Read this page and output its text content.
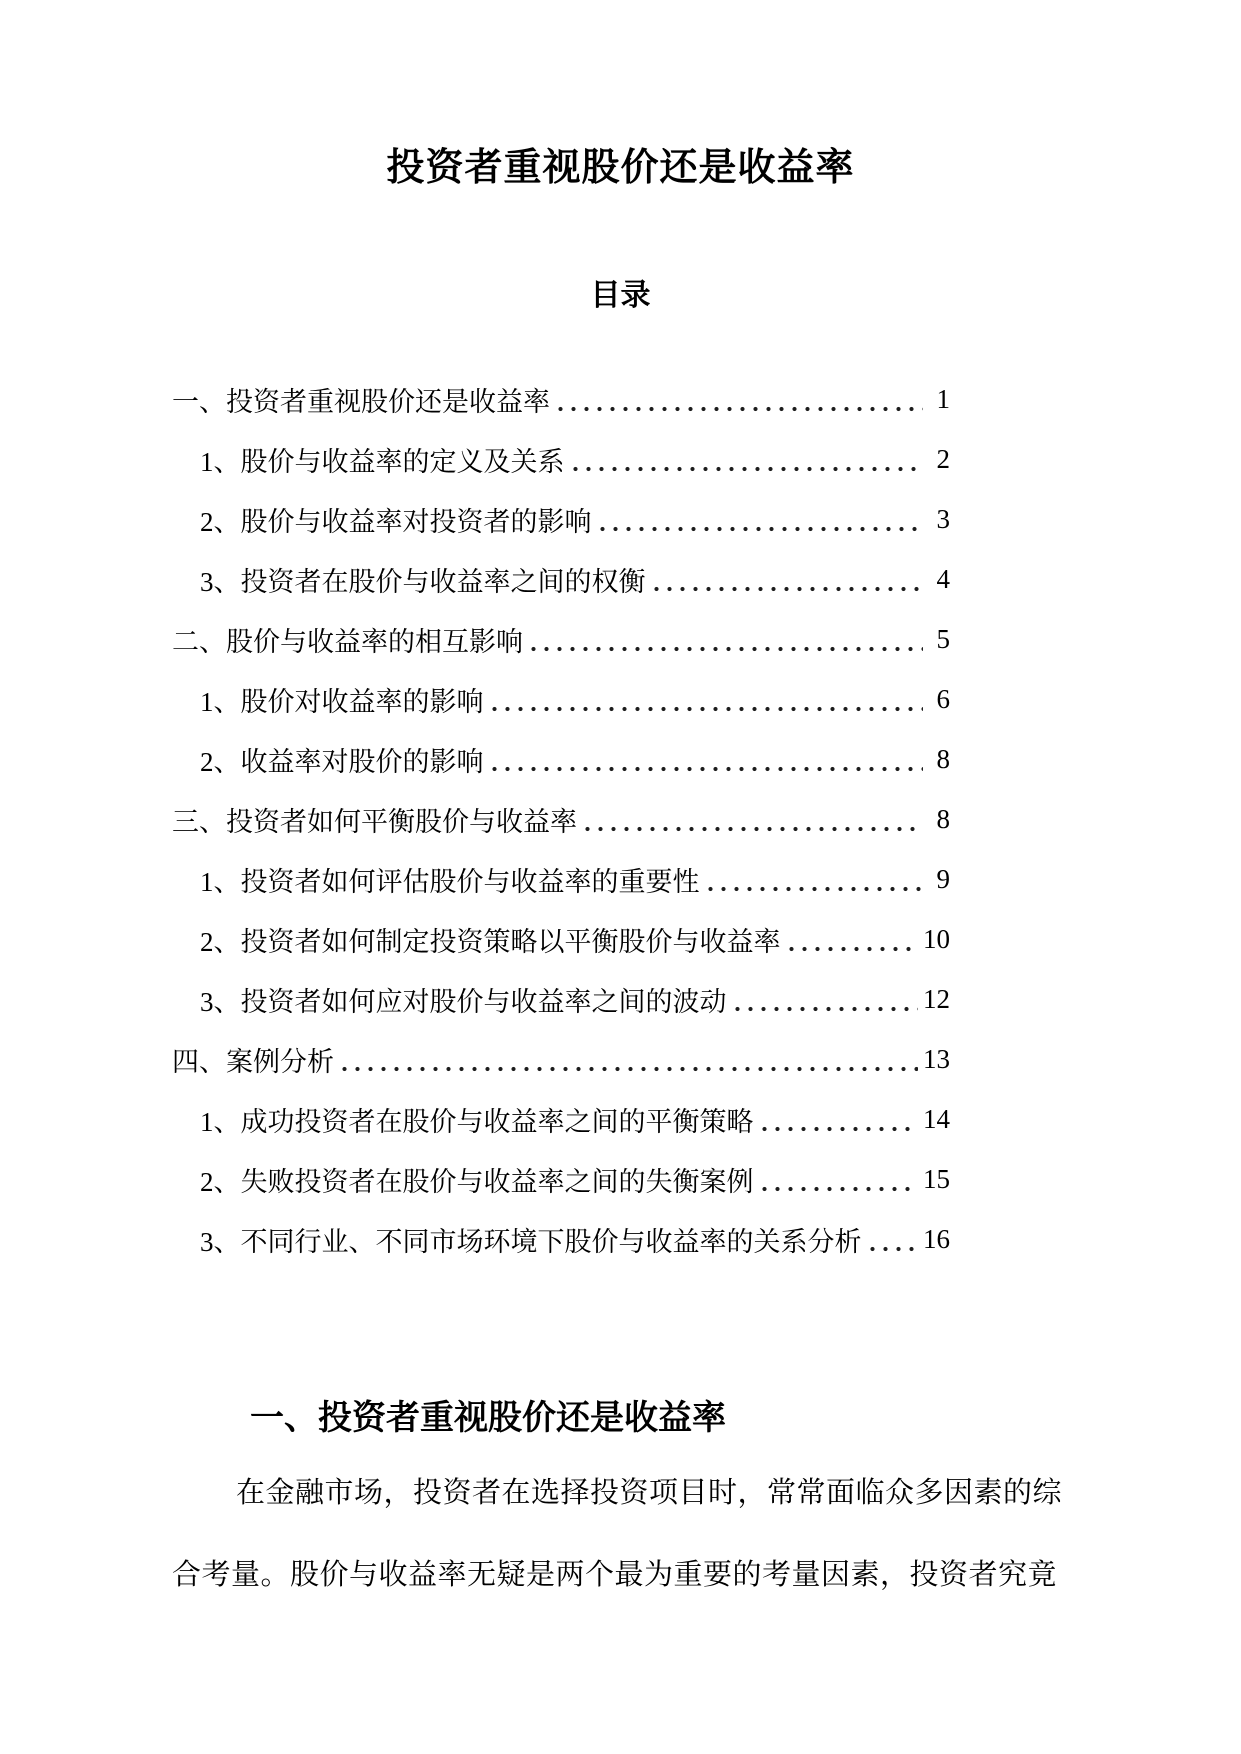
投资者重视股价还是收益率
目录
一、投资者重视股价还是收益率	1
1、股价与收益率的定义及关系	2
2、股价与收益率对投资者的影响	3
3、投资者在股价与收益率之间的权衡	4
二、股价与收益率的相互影响	5
1、股价对收益率的影响	6
2、收益率对股价的影响	8
三、投资者如何平衡股价与收益率	8
1、投资者如何评估股价与收益率的重要性	9
2、投资者如何制定投资策略以平衡股价与收益率	10
3、投资者如何应对股价与收益率之间的波动	12
四、案例分析	13
1、成功投资者在股价与收益率之间的平衡策略	14
2、失败投资者在股价与收益率之间的失衡案例	15
3、不同行业、不同市场环境下股价与收益率的关系分析 16
一、投资者重视股价还是收益率
在金融市场，投资者在选择投资项目时，常常面临众多因素的综
合考量。股价与收益率无疑是两个最为重要的考量因素，投资者究竟
